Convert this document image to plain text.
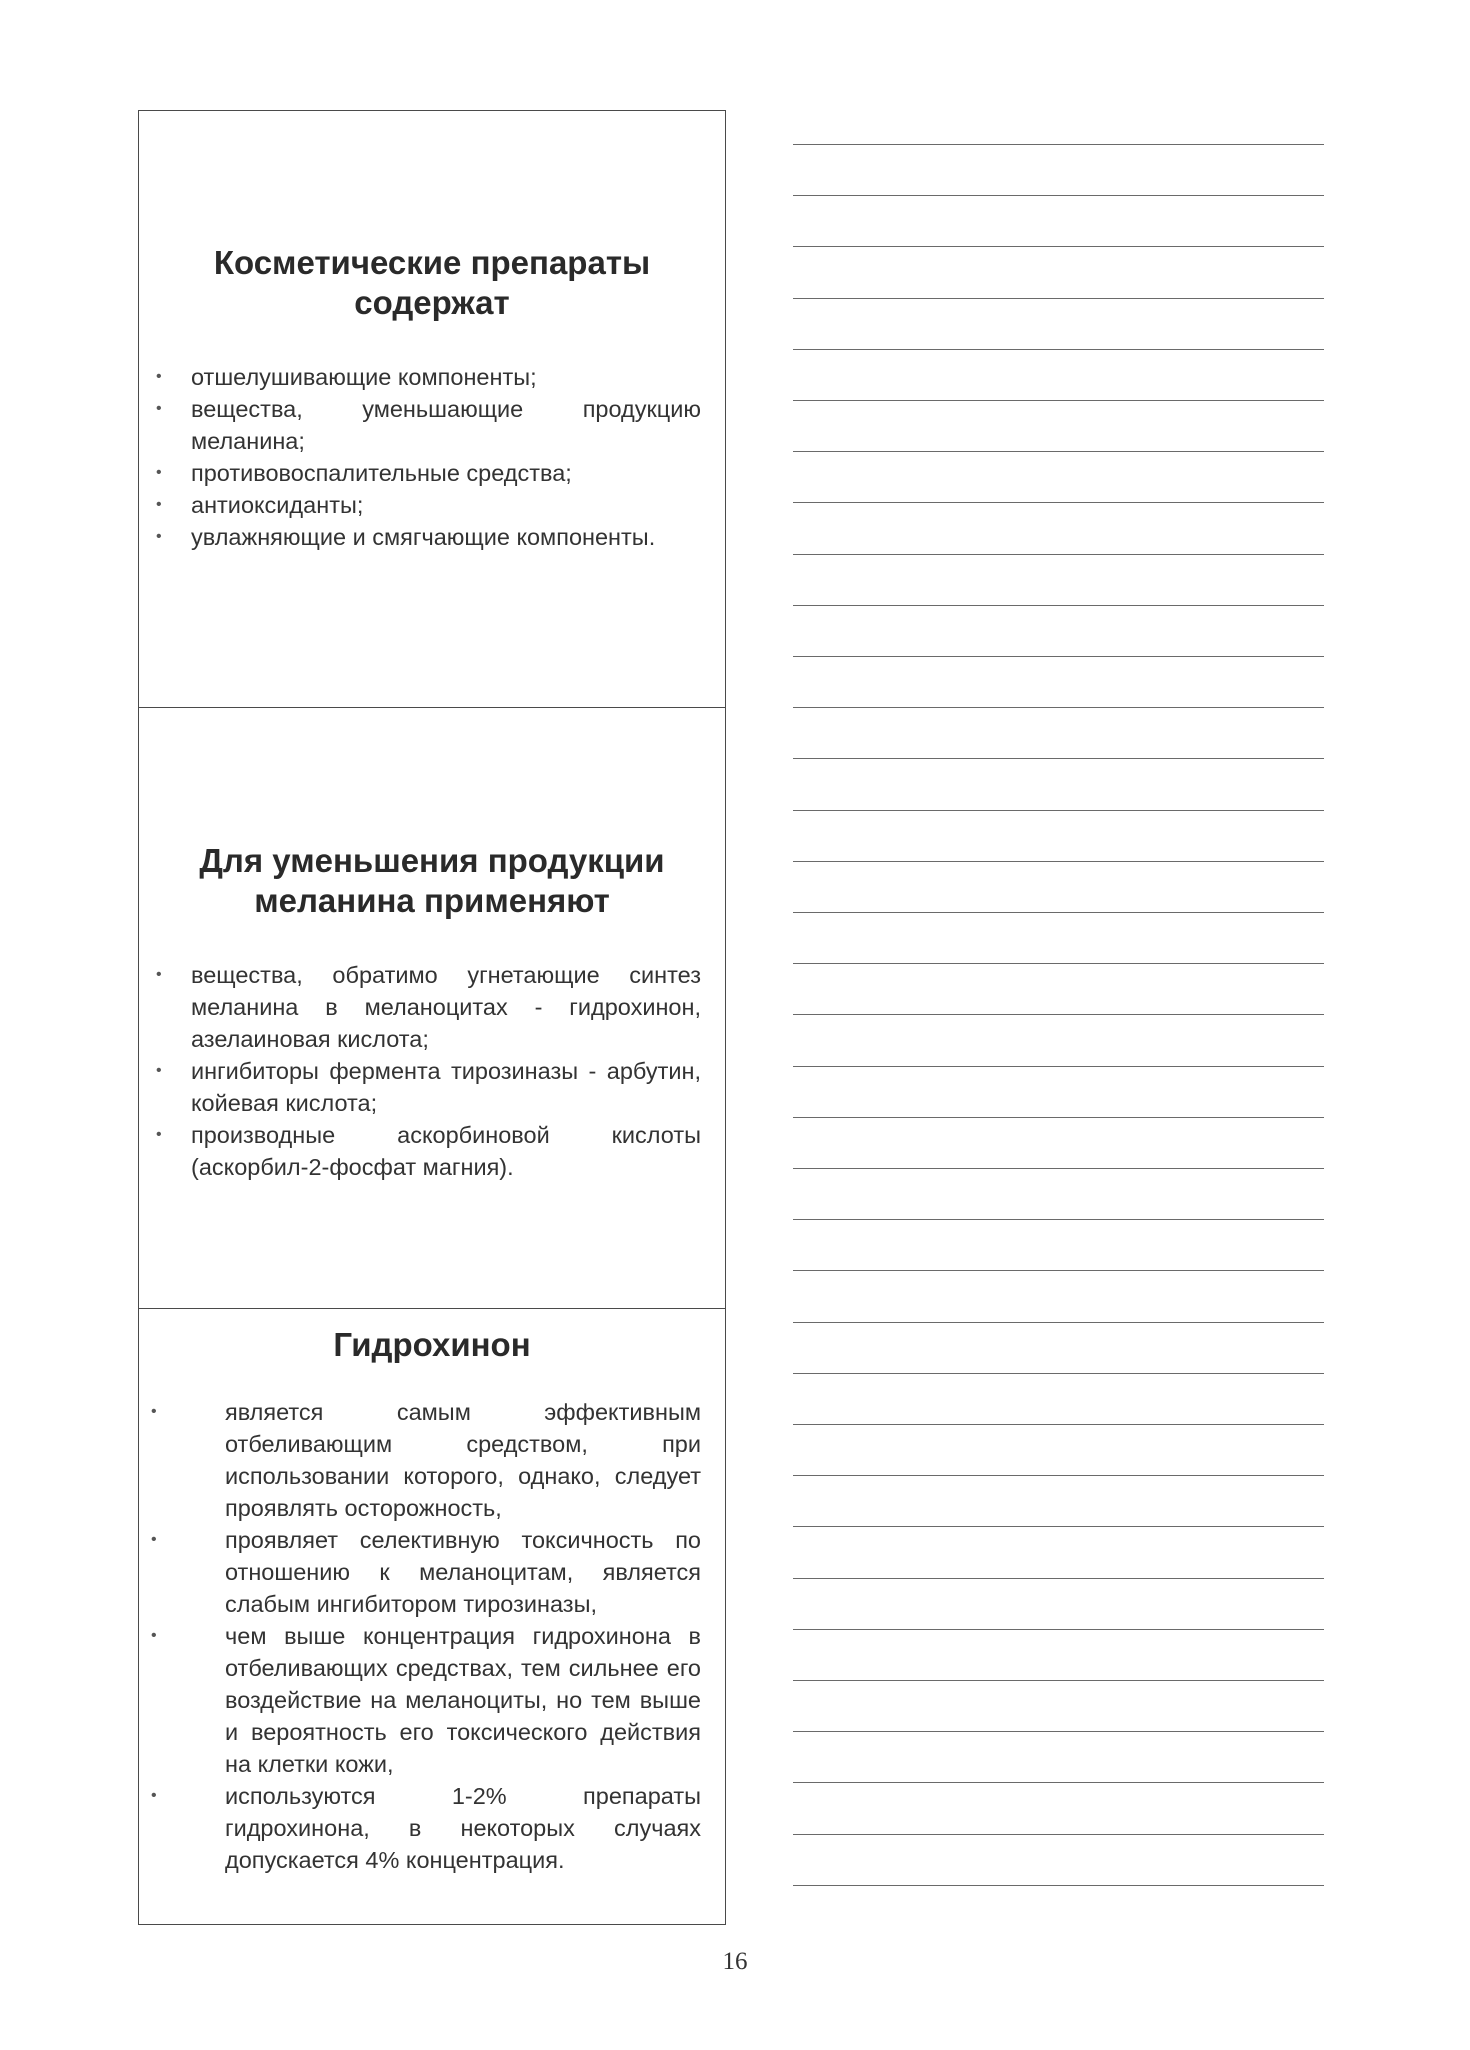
Косметические препараты
содержат
• отшелушивающие компоненты;
• вещества, уменьшающие продукцию меланина;
• противовоспалительные средства;
• антиоксиданты;
• увлажняющие и смягчающие компоненты.
Для уменьшения продукции
меланина применяют
• вещества, обратимо угнетающие синтез меланина в меланоцитах - гидрохинон, азелаиновая кислота;
• ингибиторы фермента тирозиназы - арбутин, койевая кислота;
• производные аскорбиновой кислоты (аскорбил-2-фосфат магния).
Гидрохинон
•	является самым эффективным отбеливающим средством, при использовании которого, однако, следует проявлять осторожность,
•	проявляет селективную токсичность по отношению к меланоцитам, является слабым ингибитором тирозиназы,
•	чем выше концентрация гидрохинона в отбеливающих средствах, тем сильнее его воздействие на меланоциты, но тем выше и вероятность его токсического действия на клетки кожи,
•	используются 1-2% препараты гидрохинона, в некоторых случаях допускается 4% концентрация.
16
